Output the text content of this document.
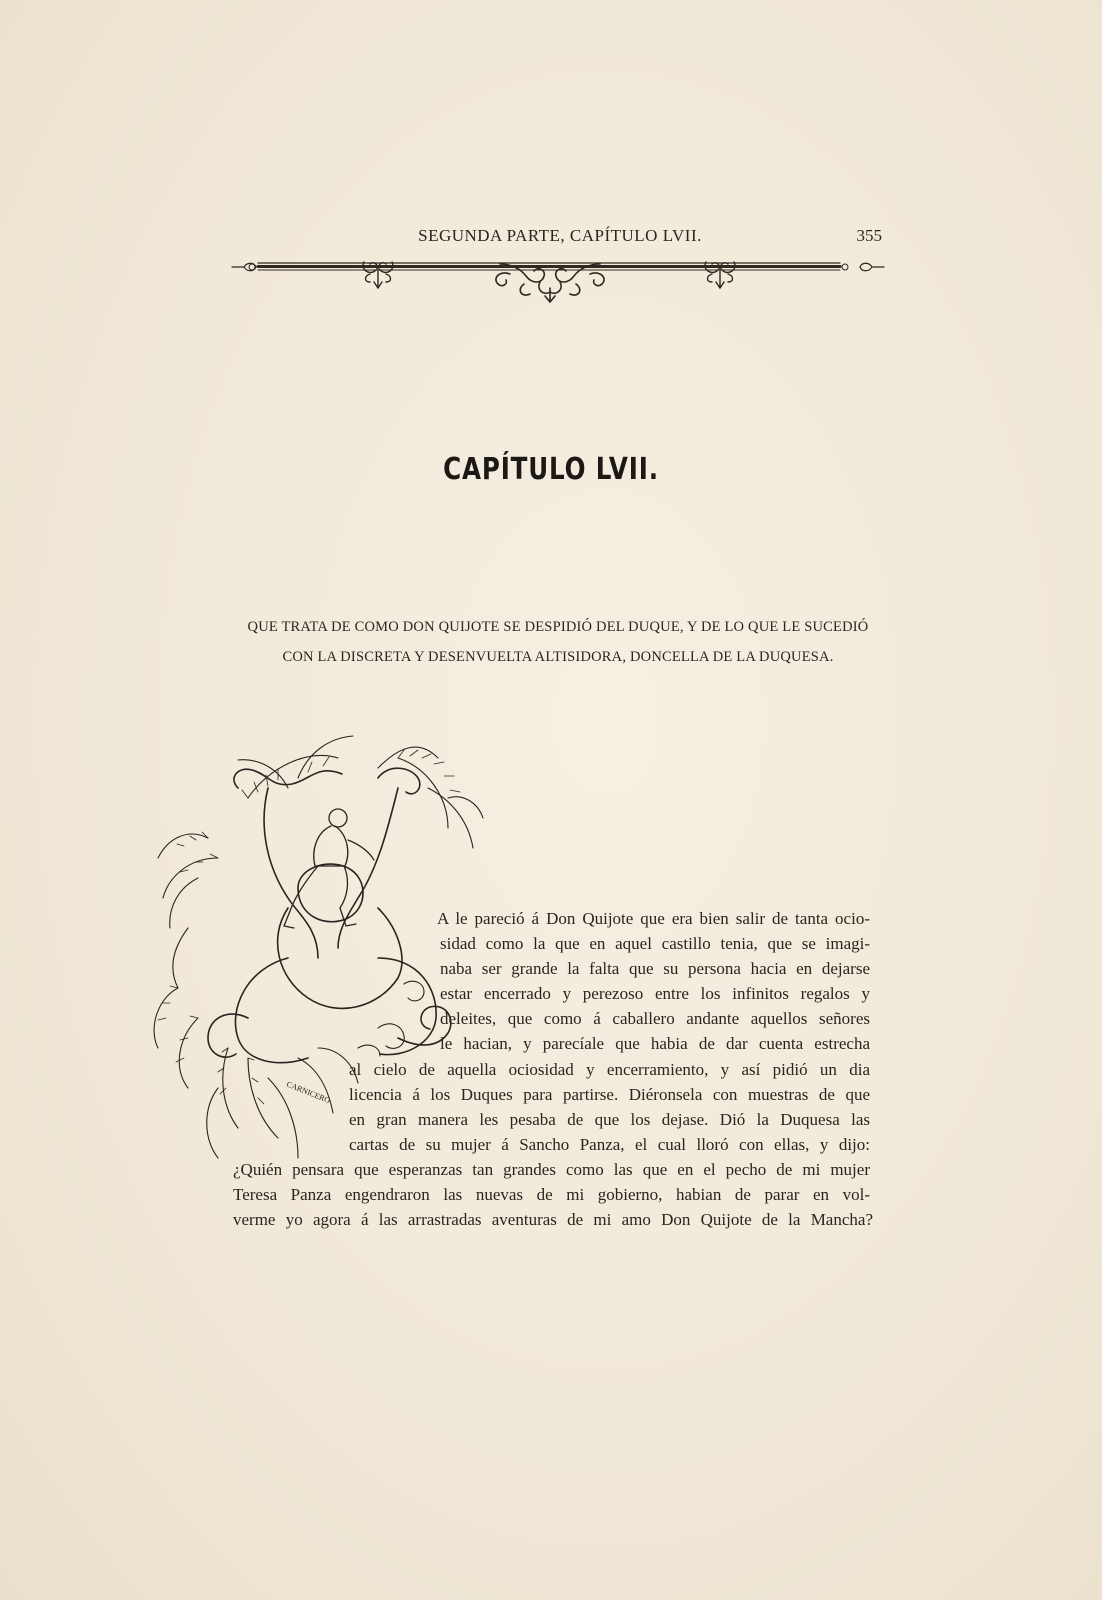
SEGUNDA PARTE, CAPÍTULO LVII.	355
CAPÍTULO LVII.
QUE TRATA DE COMO DON QUIJOTE SE DESPIDIÓ DEL DUQUE, Y DE LO QUE LE SUCEDIÓ
CON LA DISCRETA Y DESENVUELTA ALTISIDORA, DONCELLA DE LA DUQUESA.
CARNICERO
A le pareció á Don Quijote que era bien salir de tanta ocio-
sidad como la que en aquel castillo tenia, que se imagi-
naba ser grande la falta que su persona hacia en dejarse
estar encerrado y perezoso entre los infinitos regalos y
deleites, que como á caballero andante aquellos señores
le hacian, y parecíale que habia de dar cuenta estrecha
al cielo de aquella ociosidad y encerramiento, y así pidió un dia
licencia á los Duques para partirse. Diéronsela con muestras de que
en gran manera les pesaba de que los dejase. Dió la Duquesa las
cartas de su mujer á Sancho Panza, el cual lloró con ellas, y dijo:
¿Quién pensara que esperanzas tan grandes como las que en el pecho de mi mujer
Teresa Panza engendraron las nuevas de mi gobierno, habian de parar en vol-
verme yo agora á las arrastradas aventuras de mi amo Don Quijote de la Mancha?
